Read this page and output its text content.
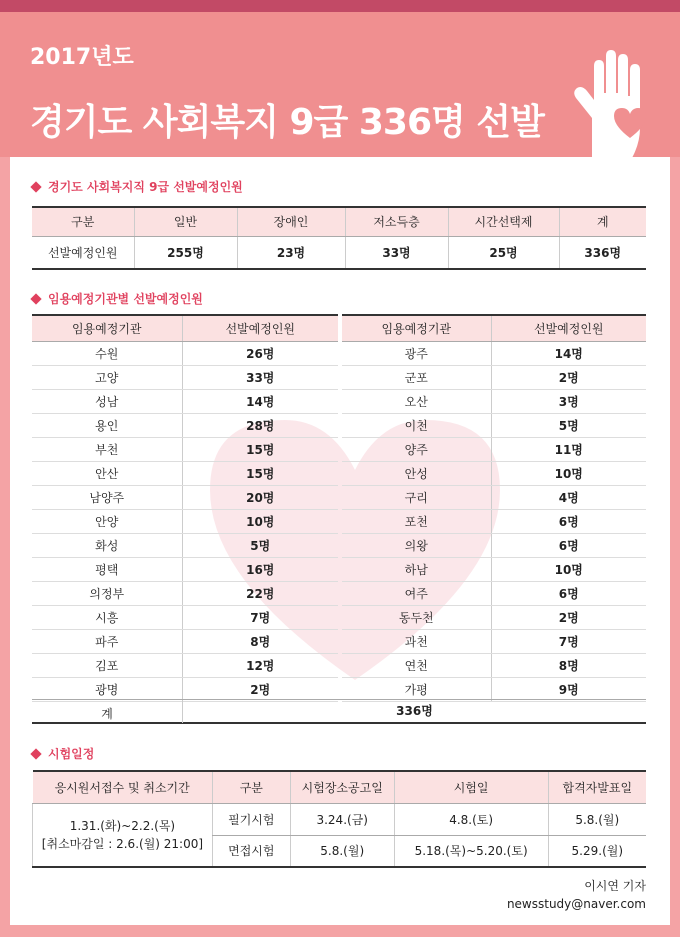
2017년도
경기도 사회복지 9급 336명 선발
경기도 사회복지직 9급 선발예정인원
구분	일반	장애인	저소득층	시간선택제	계
선발예정인원	255명	23명	33명	25명	336명
임용예정기관별 선발예정인원
임용예정기관	선발예정인원
수원	26명
고양	33명
성남	14명
용인	28명
부천	15명
안산	15명
남양주	20명
안양	10명
화성	5명
평택	16명
의정부	22명
시흥	7명
파주	8명
김포	12명
광명	2명
임용예정기관	선발예정인원
광주	14명
군포	2명
오산	3명
이천	5명
양주	11명
안성	10명
구리	4명
포천	6명
의왕	6명
하남	10명
여주	6명
동두천	2명
과천	7명
연천	8명
가평	9명
계	336명
시험일정
응시원서접수 및 취소기간	구분	시험장소공고일	시험일	합격자발표일

1.31.(화)~2.2.(목)
[취소마감일 : 2.6.(월) 21:00]	필기시험	3.24.(금)	4.8.(토)	5.8.(월)
	면접시험	5.8.(월)	5.18.(목)~5.20.(토)	5.29.(월)
이시연 기자
newsstudy@naver.com
